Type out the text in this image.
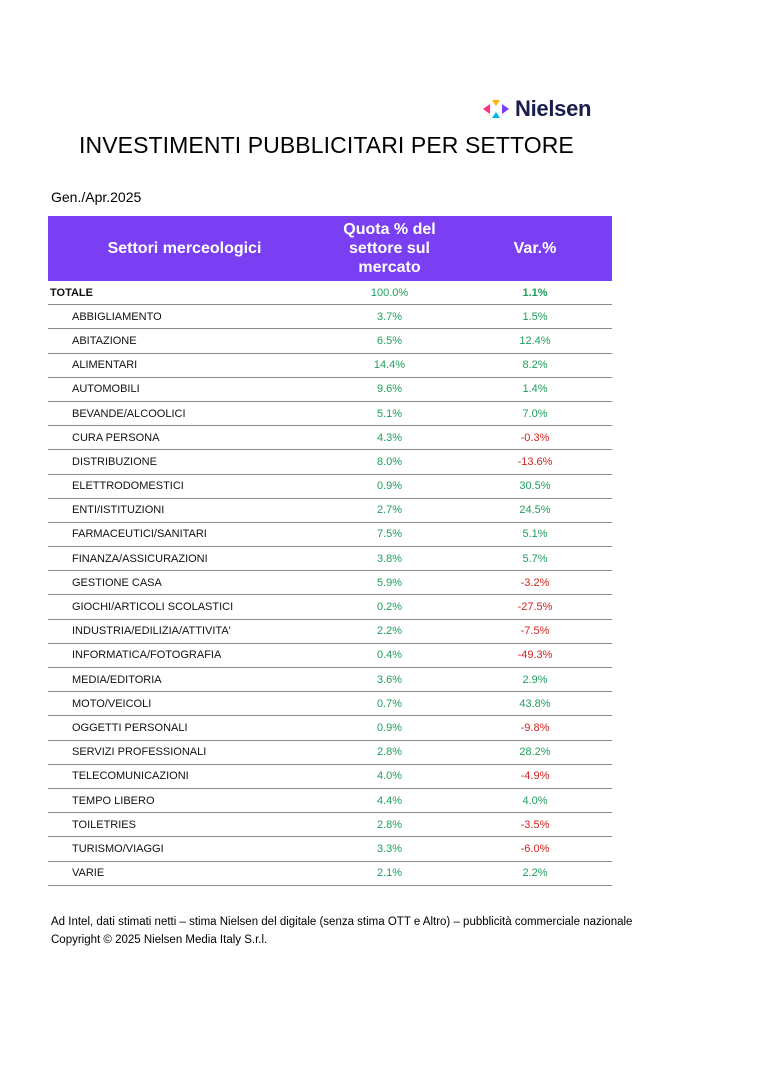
Nielsen
INVESTIMENTI PUBBLICITARI PER SETTORE
Gen./Apr.2025
Settori merceologici	Quota % del settore sul mercato	Var.%
TOTALE	100.0%	1.1%
ABBIGLIAMENTO	3.7%	1.5%
ABITAZIONE	6.5%	12.4%
ALIMENTARI	14.4%	8.2%
AUTOMOBILI	9.6%	1.4%
BEVANDE/ALCOOLICI	5.1%	7.0%
CURA PERSONA	4.3%	-0.3%
DISTRIBUZIONE	8.0%	-13.6%
ELETTRODOMESTICI	0.9%	30.5%
ENTI/ISTITUZIONI	2.7%	24.5%
FARMACEUTICI/SANITARI	7.5%	5.1%
FINANZA/ASSICURAZIONI	3.8%	5.7%
GESTIONE CASA	5.9%	-3.2%
GIOCHI/ARTICOLI SCOLASTICI	0.2%	-27.5%
INDUSTRIA/EDILIZIA/ATTIVITA'	2.2%	-7.5%
INFORMATICA/FOTOGRAFIA	0.4%	-49.3%
MEDIA/EDITORIA	3.6%	2.9%
MOTO/VEICOLI	0.7%	43.8%
OGGETTI PERSONALI	0.9%	-9.8%
SERVIZI PROFESSIONALI	2.8%	28.2%
TELECOMUNICAZIONI	4.0%	-4.9%
TEMPO LIBERO	4.4%	4.0%
TOILETRIES	2.8%	-3.5%
TURISMO/VIAGGI	3.3%	-6.0%
VARIE	2.1%	2.2%
Ad Intel, dati stimati netti – stima Nielsen del digitale (senza stima OTT e Altro) – pubblicità commerciale nazionale
Copyright © 2025 Nielsen Media Italy S.r.l.
